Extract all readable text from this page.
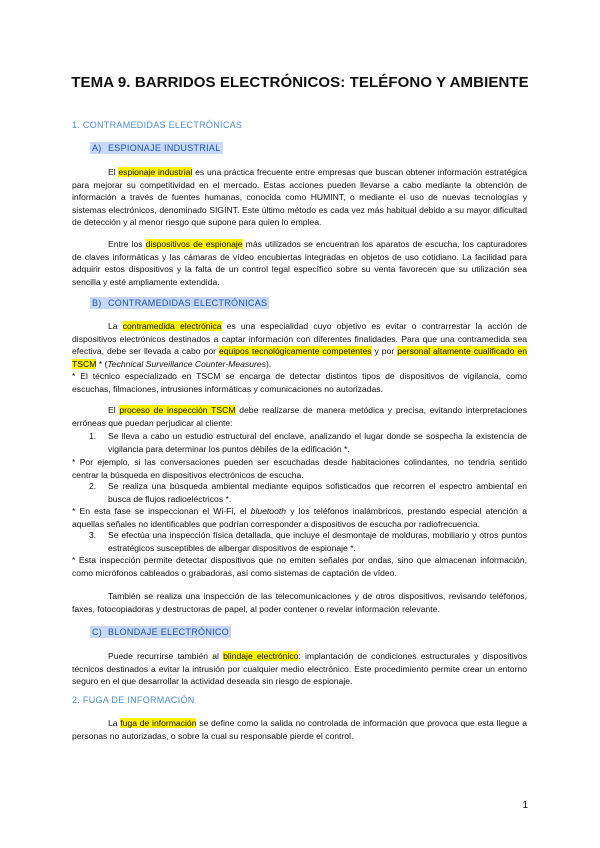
TEMA 9. BARRIDOS ELECTRÓNICOS: TELÉFONO Y AMBIENTE
1. CONTRAMEDIDAS ELECTRÓNICAS
A) ESPIONAJE INDUSTRIAL
El espionaje industrial es una práctica frecuente entre empresas que buscan obtener información estratégica para mejorar su competitividad en el mercado. Estas acciones pueden llevarse a cabo mediante la obtención de información a través de fuentes humanas, conocida como HUMINT, o mediante el uso de nuevas tecnologías y sistemas electrónicos, denominado SIGINT. Este último método es cada vez más habitual debido a su mayor dificultad de detección y al menor riesgo que supone para quien lo emplea.
Entre los dispositivos de espionaje más utilizados se encuentran los aparatos de escucha, los capturadores de claves informáticas y las cámaras de vídeo encubiertas integradas en objetos de uso cotidiano. La facilidad para adquirir estos dispositivos y la falta de un control legal específico sobre su venta favorecen que su utilización sea sencilla y esté ampliamente extendida.
B) CONTRAMEDIDAS ELECTRÓNICAS
La contramedida electrónica es una especialidad cuyo objetivo es evitar o contrarrestar la acción de dispositivos electrónicos destinados a captar información con diferentes finalidades. Para que una contramedida sea efectiva, debe ser llevada a cabo por equipos tecnológicamente competentes y por personal altamente cualificado en TSCM * (Technical Surveillance Counter-Measures).
* El técnico especializado en TSCM se encarga de detectar distintos tipos de dispositivos de vigilancia, como escuchas, filmaciones, intrusiones informáticas y comunicaciones no autorizadas.
El proceso de inspección TSCM debe realizarse de manera metódica y precisa, evitando interpretaciones erróneas que puedan perjudicar al cliente:
1. Se lleva a cabo un estudio estructural del enclave, analizando el lugar donde se sospecha la existencia de vigilancia para determinar los puntos débiles de la edificación *.
* Por ejemplo, si las conversaciones pueden ser escuchadas desde habitaciones colindantes, no tendría sentido centrar la búsqueda en dispositivos electrónicos de escucha.
2. Se realiza una búsqueda ambiental mediante equipos sofisticados que recorren el espectro ambiental en busca de flujos radioeléctricos *.
* En esta fase se inspeccionan el Wi-Fi, el bluetooth y los teléfonos inalámbricos, prestando especial atención a aquellas señales no identificables que podrían corresponder a dispositivos de escucha por radiofrecuencia.
3. Se efectúa una inspección física detallada, que incluye el desmontaje de molduras, mobiliario y otros puntos estratégicos susceptibles de albergar dispositivos de espionaje *.
* Esta inspección permite detectar dispositivos que no emiten señales por ondas, sino que almacenan información, como micrófonos cableados o grabadoras, así como sistemas de captación de vídeo.
También se realiza una inspección de las telecomunicaciones y de otros dispositivos, revisando teléfonos, faxes, fotocopiadoras y destructoras de papel, al poder contener o revelar información relevante.
C) BLONDAJE ELECTRÓNICO
Puede recurrirse también al blindaje electrónico: implantación de condiciones estructurales y dispositivos técnicos destinados a evitar la intrusión por cualquier medio electrónico. Este procedimiento permite crear un entorno seguro en el que desarrollar la actividad deseada sin riesgo de espionaje.
2. FUGA DE INFORMACIÓN
La fuga de información se define como la salida no controlada de información que provoca que esta llegue a personas no autorizadas, o sobre la cual su responsable pierde el control.
1
